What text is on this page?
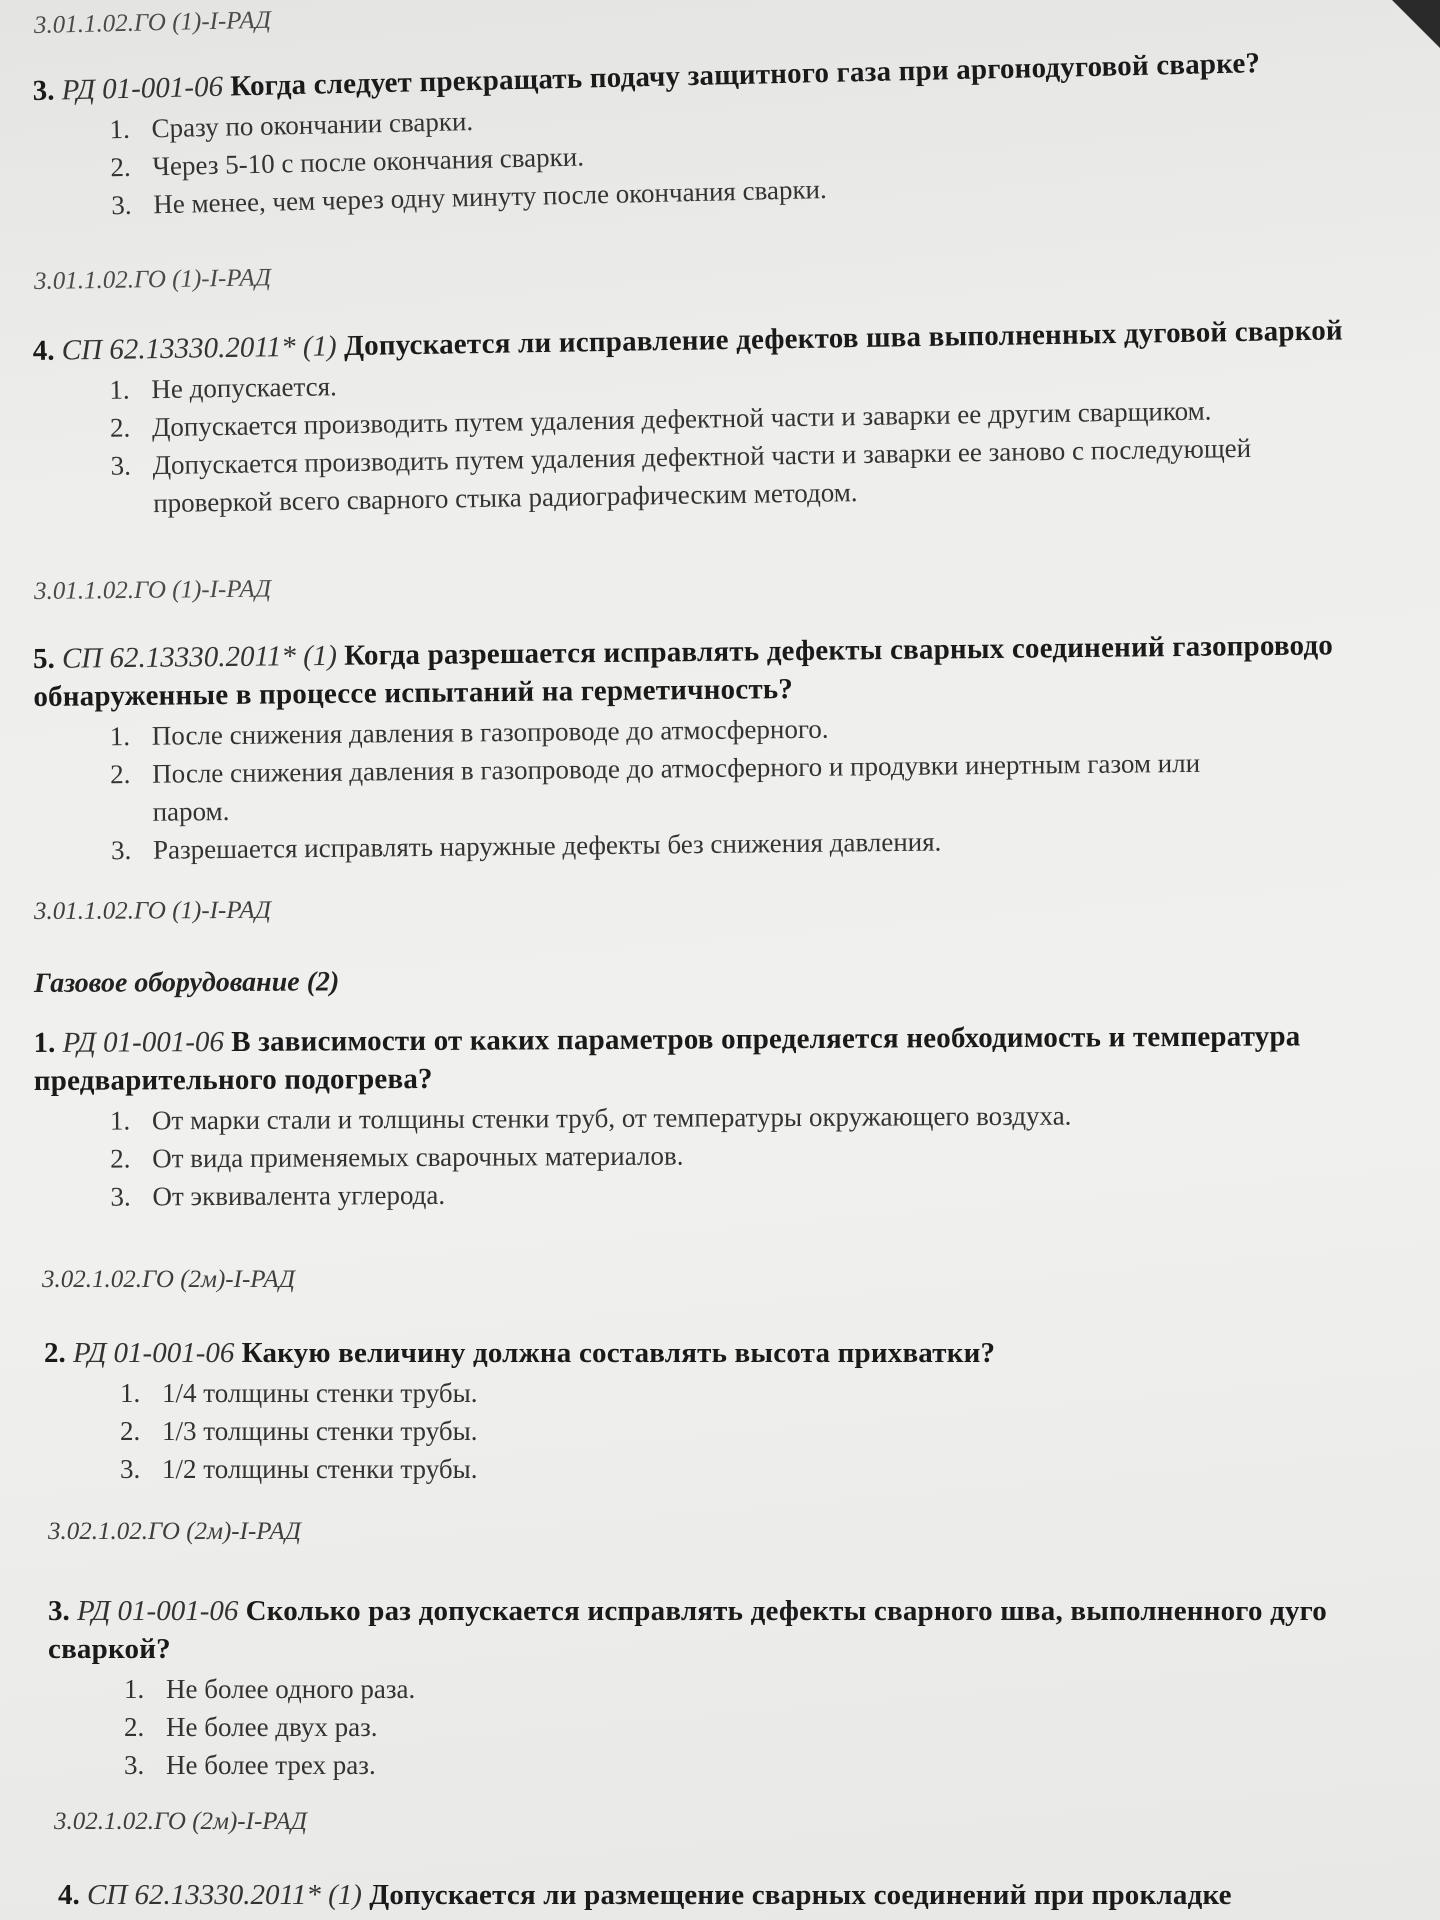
3.01.1.02.ГО (1)-I-РАД
3. РД 01-001-06 Когда следует прекращать подачу защитного газа при аргонодуговой сварке?
1. Сразу по окончании сварки.
2. Через 5-10 с после окончания сварки.
3. Не менее, чем через одну минуту после окончания сварки.
3.01.1.02.ГО (1)-I-РАД
4. СП 62.13330.2011* (1) Допускается ли исправление дефектов шва выполненных дуговой сваркой
1. Не допускается.
2. Допускается производить путем удаления дефектной части и заварки ее другим сварщиком.
3. Допускается производить путем удаления дефектной части и заварки ее заново с последующей проверкой всего сварного стыка радиографическим методом.
3.01.1.02.ГО (1)-I-РАД
5. СП 62.13330.2011* (1) Когда разрешается исправлять дефекты сварных соединений газопроводо
обнаруженные в процессе испытаний на герметичность?
1. После снижения давления в газопроводе до атмосферного.
2. После снижения давления в газопроводе до атмосферного и продувки инертным газом или паром.
3. Разрешается исправлять наружные дефекты без снижения давления.
3.01.1.02.ГО (1)-I-РАД
Газовое оборудование (2)
1. РД 01-001-06 В зависимости от каких параметров определяется необходимость и температура
предварительного подогрева?
1. От марки стали и толщины стенки труб, от температуры окружающего воздуха.
2. От вида применяемых сварочных материалов.
3. От эквивалента углерода.
3.02.1.02.ГО (2м)-I-РАД
2. РД 01-001-06 Какую величину должна составлять высота прихватки?
1. 1/4 толщины стенки трубы.
2. 1/3 толщины стенки трубы.
3. 1/2 толщины стенки трубы.
3.02.1.02.ГО (2м)-I-РАД
3. РД 01-001-06 Сколько раз допускается исправлять дефекты сварного шва, выполненного дуго
сваркой?
1. Не более одного раза.
2. Не более двух раз.
3. Не более трех раз.
3.02.1.02.ГО (2м)-I-РАД
4. СП 62.13330.2011* (1) Допускается ли размещение сварных соединений при прокладке
